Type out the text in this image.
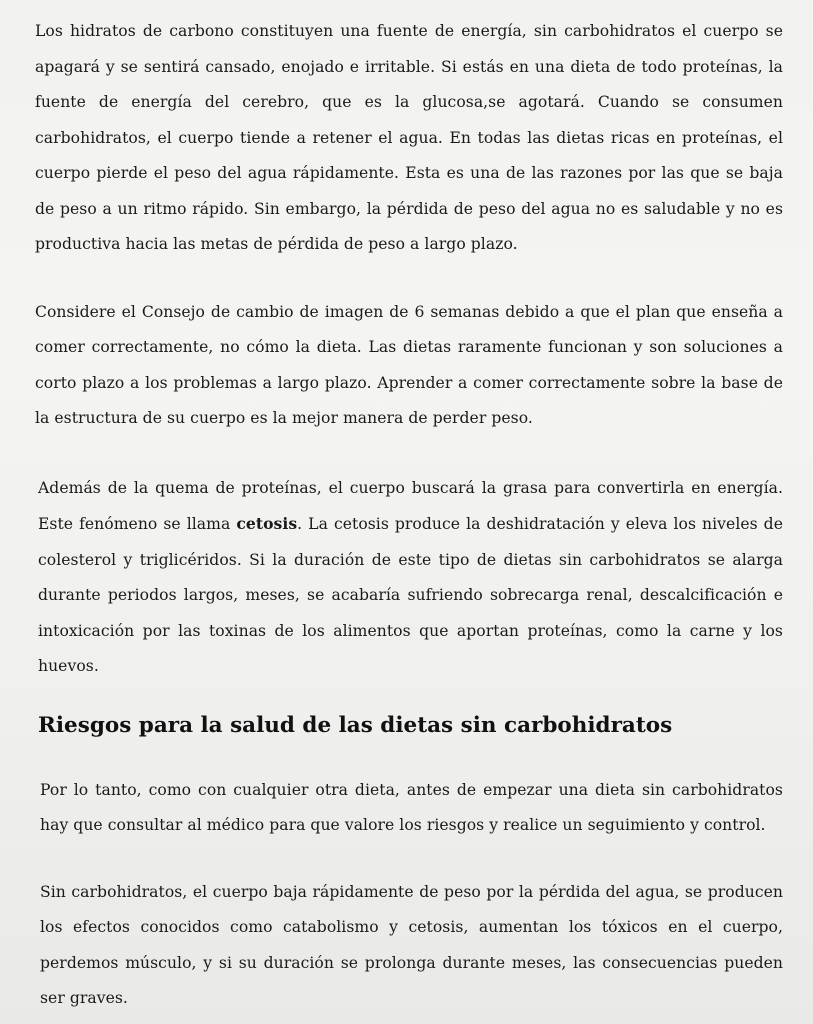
Los hidratos de carbono constituyen una fuente de energía, sin carbohidratos el cuerpo se apagará y se sentirá cansado, enojado e irritable. Si estás en una dieta de todo proteínas, la fuente de energía del cerebro, que es la glucosa,se agotará. Cuando se consumen carbohidratos, el cuerpo tiende a retener el agua. En todas las dietas ricas en proteínas, el cuerpo pierde el peso del agua rápidamente. Esta es una de las razones por las que se baja de peso a un ritmo rápido. Sin embargo, la pérdida de peso del agua no es saludable y no es productiva hacia las metas de pérdida de peso a largo plazo.

Considere el Consejo de cambio de imagen de 6 semanas debido a que el plan que enseña a comer correctamente, no cómo la dieta. Las dietas raramente funcionan y son soluciones a corto plazo a los problemas a largo plazo. Aprender a comer correctamente sobre la base de la estructura de su cuerpo es la mejor manera de perder peso.

Además de la quema de proteínas, el cuerpo buscará la grasa para convertirla en energía. Este fenómeno se llama cetosis. La cetosis produce la deshidratación y eleva los niveles de colesterol y triglicéridos. Si la duración de este tipo de dietas sin carbohidratos se alarga durante periodos largos, meses, se acabaría sufriendo sobrecarga renal, descalcificación e intoxicación por las toxinas de los alimentos que aportan proteínas, como la carne y los huevos.

Riesgos para la salud de las dietas sin carbohidratos

Por lo tanto, como con cualquier otra dieta, antes de empezar una dieta sin carbohidratos hay que consultar al médico para que valore los riesgos y realice un seguimiento y control.

Sin carbohidratos, el cuerpo baja rápidamente de peso por la pérdida del agua, se producen los efectos conocidos como catabolismo y cetosis, aumentan los tóxicos en el cuerpo, perdemos músculo, y si su duración se prolonga durante meses, las consecuencias pueden ser graves.
